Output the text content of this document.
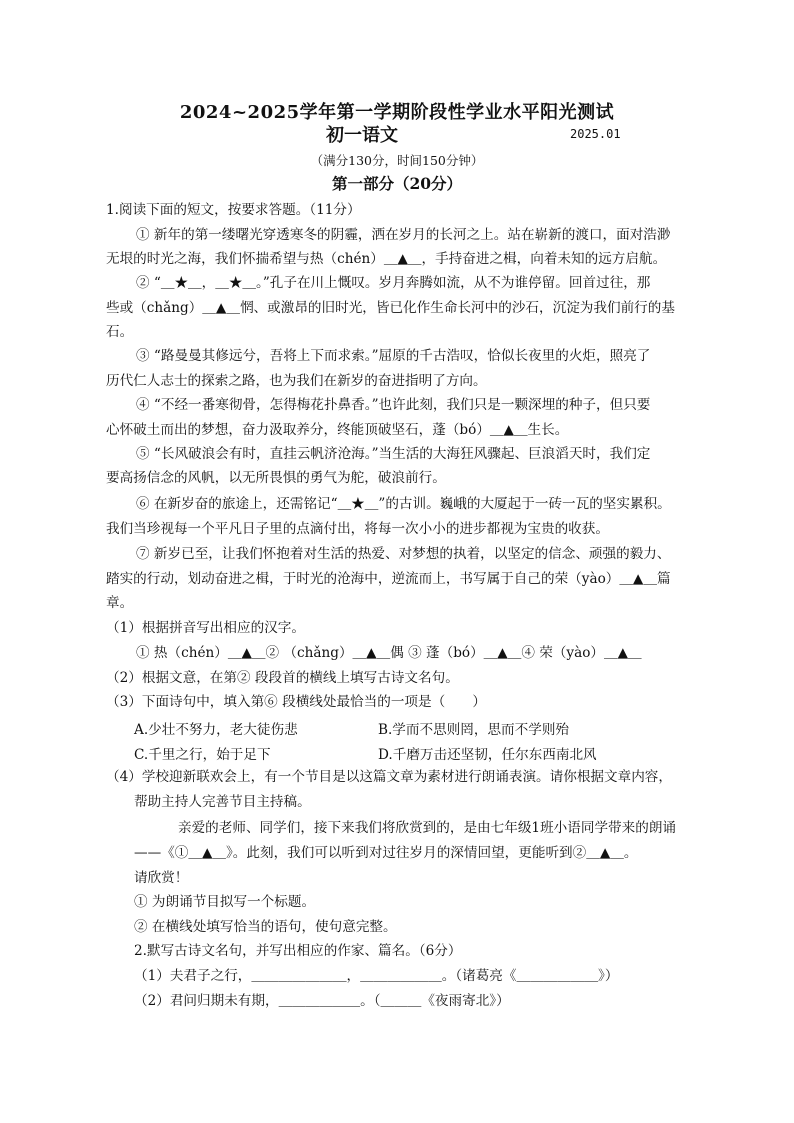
2024~2025学年第一学期阶段性学业水平阳光测试
初一语文	2025.01
（满分130分，时间150分钟）
第一部分（20分）
1.阅读下面的短文，按要求答题。（11分）
① 新年的第一缕曙光穿透寒冬的阴霾，洒在岁月的长河之上。站在崭新的渡口，面对浩渺
无垠的时光之海，我们怀揣希望与热（chén）＿▲＿，手持奋进之楫，向着未知的远方启航。
② “＿★＿，＿★＿。”孔子在川上慨叹。岁月奔腾如流，从不为谁停留。回首过往，那
些或（chǎng）＿▲＿惘、或激昂的旧时光，皆已化作生命长河中的沙石，沉淀为我们前行的基
石。
③ “路曼曼其修远兮，吾将上下而求索。”屈原的千古浩叹，恰似长夜里的火炬，照亮了
历代仁人志士的探索之路，也为我们在新岁的奋进指明了方向。
④ “不经一番寒彻骨，怎得梅花扑鼻香。”也许此刻，我们只是一颗深埋的种子，但只要
心怀破土而出的梦想，奋力汲取养分，终能顶破坚石，蓬（bó）＿▲＿生长。
⑤ “长风破浪会有时，直挂云帆济沧海。”当生活的大海狂风骤起、巨浪滔天时，我们定
要高扬信念的风帆，以无所畏惧的勇气为舵，破浪前行。
⑥ 在新岁奋的旅途上，还需铭记“＿★＿”的古训。巍峨的大厦起于一砖一瓦的坚实累积。
我们当珍视每一个平凡日子里的点滴付出，将每一次小小的进步都视为宝贵的收获。
⑦ 新岁已至，让我们怀抱着对生活的热爱、对梦想的执着，以坚定的信念、顽强的毅力、
踏实的行动，划动奋进之楫，于时光的沧海中，逆流而上，书写属于自己的荣（yào）＿▲＿篇
章。
（1）根据拼音写出相应的汉字。
① 热（chén）＿▲＿② （chǎng）＿▲＿偶 ③ 蓬（bó）＿▲＿④ 荣（yào）＿▲＿
（2）根据文意，在第② 段段首的横线上填写古诗文名句。
（3）下面诗句中，填入第⑥ 段横线处最恰当的一项是（　　）
A.少壮不努力，老大徒伤悲	B.学而不思则罔，思而不学则殆
C.千里之行，始于足下	D.千磨万击还坚韧，任尔东西南北风
（4）学校迎新联欢会上，有一个节目是以这篇文章为素材进行朗诵表演。请你根据文章内容，
帮助主持人完善节目主持稿。
亲爱的老师、同学们，接下来我们将欣赏到的，是由七年级1班小语同学带来的朗诵
——《①＿▲＿》。此刻，我们可以听到对过往岁月的深情回望，更能听到②＿▲＿。
请欣赏！
① 为朗诵节目拟写一个标题。
② 在横线处填写恰当的语句，使句意完整。
2.默写古诗文名句，并写出相应的作家、篇名。（6分）
（1）夫君子之行，＿＿＿＿＿＿＿，＿＿＿＿＿＿。（诸葛亮《＿＿＿＿＿＿》）
（2）君问归期未有期，＿＿＿＿＿＿。（＿＿＿《夜雨寄北》）
